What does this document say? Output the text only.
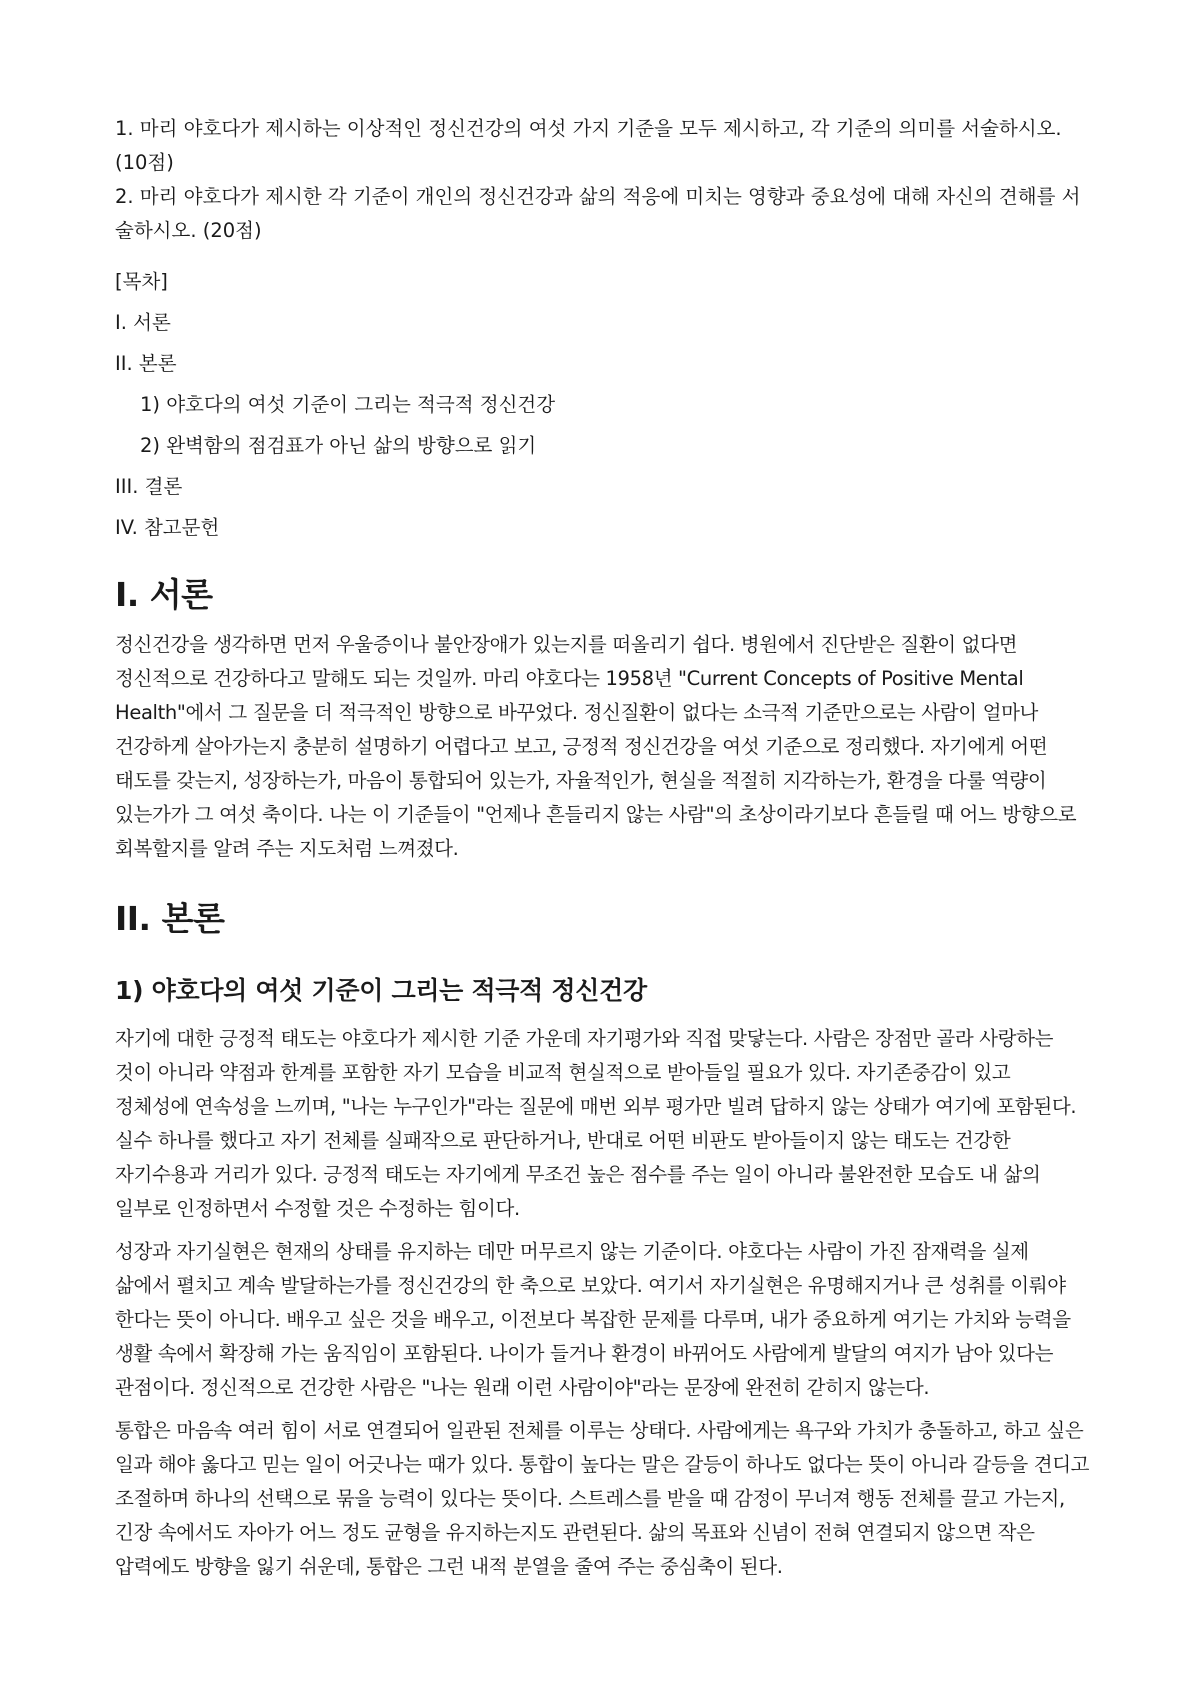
1. 마리 야호다가 제시하는 이상적인 정신건강의 여섯 가지 기준을 모두 제시하고, 각 기준의 의미를 서술하시오. (10점)

2. 마리 야호다가 제시한 각 기준이 개인의 정신건강과 삶의 적응에 미치는 영향과 중요성에 대해 자신의 견해를 서술하시오. (20점)

[목차]
I. 서론
II. 본론
1) 야호다의 여섯 기준이 그리는 적극적 정신건강
2) 완벽함의 점검표가 아닌 삶의 방향으로 읽기
III. 결론
IV. 참고문헌
I. 서론

정신건강을 생각하면 먼저 우울증이나 불안장애가 있는지를 떠올리기 쉽다. 병원에서 진단받은 질환이 없다면 정신적으로 건강하다고 말해도 되는 것일까. 마리 야호다는 1958년 "Current Concepts of Positive Mental Health"에서 그 질문을 더 적극적인 방향으로 바꾸었다. 정신질환이 없다는 소극적 기준만으로는 사람이 얼마나 건강하게 살아가는지 충분히 설명하기 어렵다고 보고, 긍정적 정신건강을 여섯 기준으로 정리했다. 자기에게 어떤 태도를 갖는지, 성장하는가, 마음이 통합되어 있는가, 자율적인가, 현실을 적절히 지각하는가, 환경을 다룰 역량이 있는가가 그 여섯 축이다. 나는 이 기준들이 "언제나 흔들리지 않는 사람"의 초상이라기보다 흔들릴 때 어느 방향으로 회복할지를 알려 주는 지도처럼 느껴졌다.

II. 본론
1) 야호다의 여섯 기준이 그리는 적극적 정신건강

자기에 대한 긍정적 태도는 야호다가 제시한 기준 가운데 자기평가와 직접 맞닿는다. 사람은 장점만 골라 사랑하는 것이 아니라 약점과 한계를 포함한 자기 모습을 비교적 현실적으로 받아들일 필요가 있다. 자기존중감이 있고 정체성에 연속성을 느끼며, "나는 누구인가"라는 질문에 매번 외부 평가만 빌려 답하지 않는 상태가 여기에 포함된다. 실수 하나를 했다고 자기 전체를 실패작으로 판단하거나, 반대로 어떤 비판도 받아들이지 않는 태도는 건강한 자기수용과 거리가 있다. 긍정적 태도는 자기에게 무조건 높은 점수를 주는 일이 아니라 불완전한 모습도 내 삶의 일부로 인정하면서 수정할 것은 수정하는 힘이다.

성장과 자기실현은 현재의 상태를 유지하는 데만 머무르지 않는 기준이다. 야호다는 사람이 가진 잠재력을 실제 삶에서 펼치고 계속 발달하는가를 정신건강의 한 축으로 보았다. 여기서 자기실현은 유명해지거나 큰 성취를 이뤄야 한다는 뜻이 아니다. 배우고 싶은 것을 배우고, 이전보다 복잡한 문제를 다루며, 내가 중요하게 여기는 가치와 능력을 생활 속에서 확장해 가는 움직임이 포함된다. 나이가 들거나 환경이 바뀌어도 사람에게 발달의 여지가 남아 있다는 관점이다. 정신적으로 건강한 사람은 "나는 원래 이런 사람이야"라는 문장에 완전히 갇히지 않는다.

통합은 마음속 여러 힘이 서로 연결되어 일관된 전체를 이루는 상태다. 사람에게는 욕구와 가치가 충돌하고, 하고 싶은 일과 해야 옳다고 믿는 일이 어긋나는 때가 있다. 통합이 높다는 말은 갈등이 하나도 없다는 뜻이 아니라 갈등을 견디고 조절하며 하나의 선택으로 묶을 능력이 있다는 뜻이다. 스트레스를 받을 때 감정이 무너져 행동 전체를 끌고 가는지, 긴장 속에서도 자아가 어느 정도 균형을 유지하는지도 관련된다. 삶의 목표와 신념이 전혀 연결되지 않으면 작은 압력에도 방향을 잃기 쉬운데, 통합은 그런 내적 분열을 줄여 주는 중심축이 된다.
